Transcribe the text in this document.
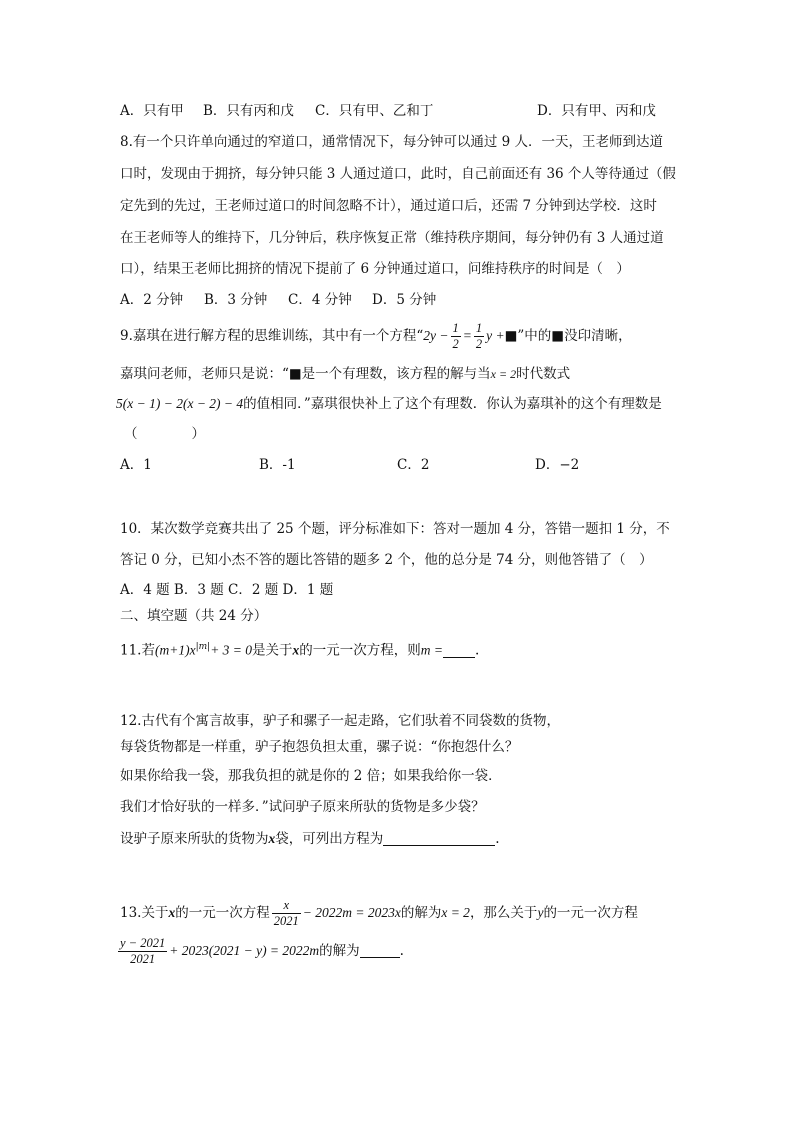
A．只有甲 B．只有丙和戊 C．只有甲、乙和丁	D．只有甲、丙和戊
8.有一个只许单向通过的窄道口，通常情况下，每分钟可以通过 9 人．一天，王老师到达道
口时，发现由于拥挤，每分钟只能 3 人通过道口，此时，自己前面还有 36 个人等待通过（假
定先到的先过，王老师过道口的时间忽略不计），通过道口后，还需 7 分钟到达学校．这时
在王老师等人的维持下，几分钟后，秩序恢复正常（维持秩序期间，每分钟仍有 3 人通过道
口），结果王老师比拥挤的情况下提前了 6 分钟通过道口，问维持秩序的时间是（　）
A．2 分钟 B．3 分钟 C．4 分钟 D．5 分钟
9.嘉琪在进行解方程的思维训练，其中有一个方程“$2y - \frac{1}{2} = \frac{1}{2}$ y +■”中的■没印清晰，
嘉琪问老师，老师只是说：“■是一个有理数，该方程的解与当x = 2时代数式
5(x − 1) − 2(x − 2) − 4的值相同．”嘉琪很快补上了这个有理数．你认为嘉琪补的这个有理数是
（　　　　）
A．1	B．-1	C．2	D．−2
10．某次数学竞赛共出了 25 个题，评分标准如下：答对一题加 4 分，答错一题扣 1 分，不
答记 0 分，已知小杰不答的题比答错的题多 2 个，他的总分是 74 分，则他答错了（　）
A．4 题 B．3 题 C．2 题 D．1 题
二、填空题（共 24 分）
11.若$(m+1)x^{|m|}+ 3 = 0$是关于x的一元一次方程，则m = .
12.古代有个寓言故事，驴子和骡子一起走路，它们驮着不同袋数的货物，
每袋货物都是一样重，驴子抱怨负担太重，骡子说：“你抱怨什么？
如果你给我一袋，那我负担的就是你的 2 倍；如果我给你一袋．
我们才恰好驮的一样多．”试问驴子原来所驮的货物是多少袋？
设驴子原来所驮的货物为x袋，可列出方程为	.
13.关于x的一元一次方程 $\frac{x}{2021} - 2022m = 2023x$的解为x = 2，那么关于y的一元一次方程
$\frac{y - 2021}{2021} + 2023(2021 - y) = 2022m$的解为	.
